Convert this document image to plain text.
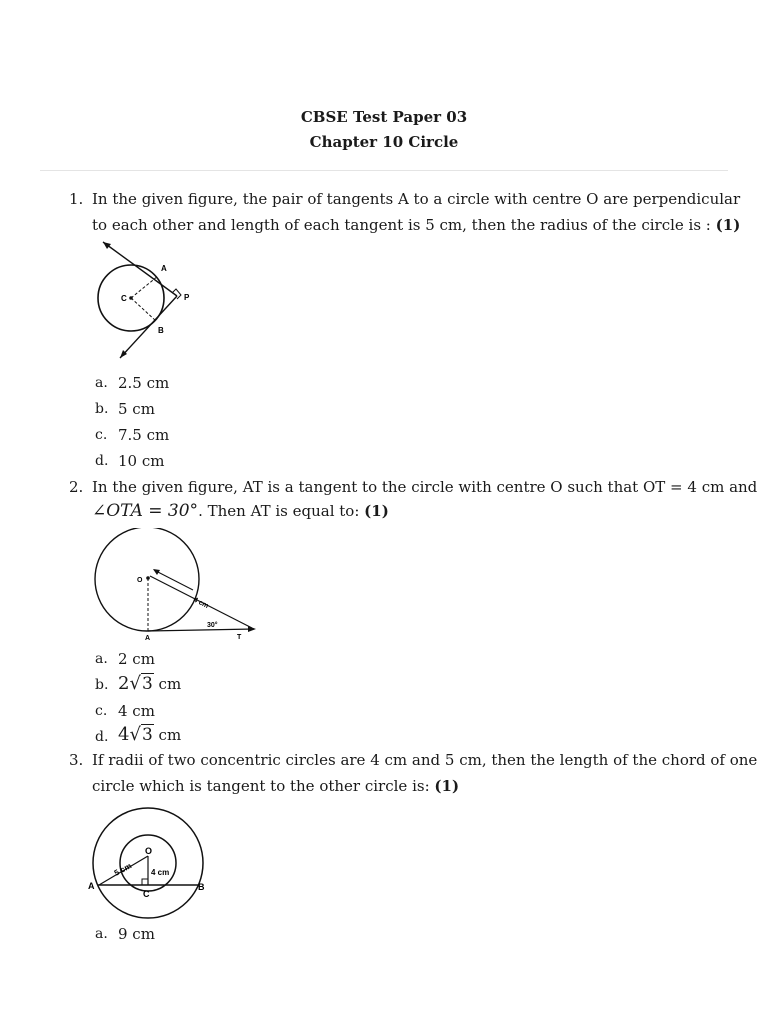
CBSE Test Paper 03
Chapter 10 Circle
1. In the given figure, the pair of tangents A to a circle with centre O are perpendicular
to each other and length of each tangent is 5 cm, then the radius of the circle is : (1)
A
C	P
B
a. 2.5 cm
b. 5 cm
c. 7.5 cm
d. 10 cm
2. In the given figure, AT is a tangent to the circle with centre O such that OT = 4 cm and
∠OTA = 30°. Then AT is equal to: (1)
O
A	T
4 cm
30°
a. 2 cm
b. 2√3 cm
c. 4 cm
d. 4√3 cm
3. If radii of two concentric circles are 4 cm and 5 cm, then the length of the chord of one
circle which is tangent to the other circle is: (1)
O
A	B
C
5 cm 4 cm
a. 9 cm
